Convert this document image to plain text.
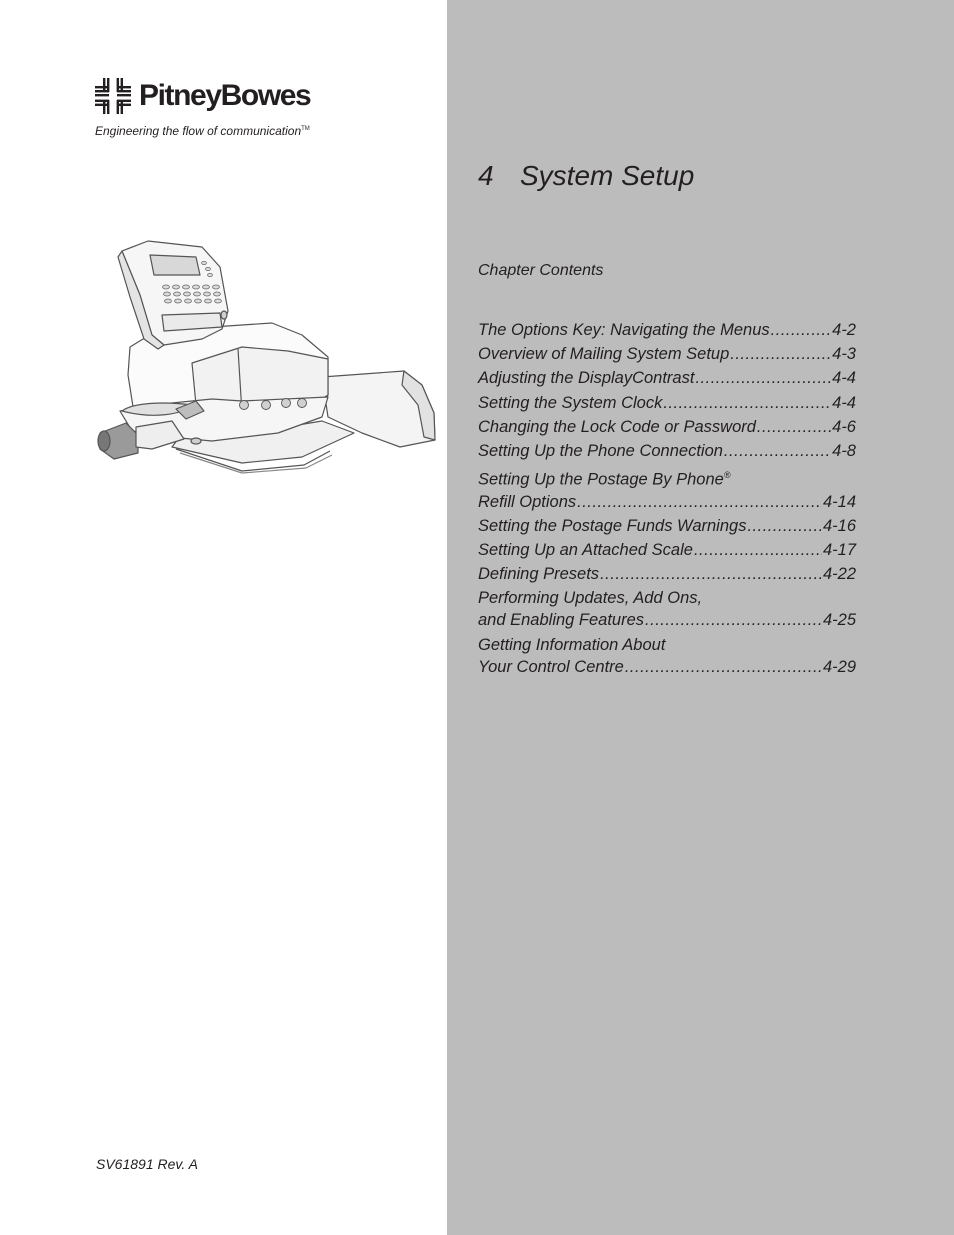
PitneyBowes
Engineering the flow of communication™
SV61891 Rev. A
4 System Setup
Chapter Contents
The Options Key: Navigating the Menus .....	4-2
Overview of Mailing System Setup .....	4-3
Adjusting the DisplayContrast .....	4-4
Setting the System Clock .....	4-4
Changing the Lock Code or Password .....	4-6
Setting Up the Phone Connection .....	4-8
Setting Up the Postage By Phone®
Refill Options .....	4-14
Setting the Postage Funds Warnings .....	4-16
Setting Up an Attached Scale .....	4-17
Defining Presets .....	4-22
Performing Updates, Add Ons,
and Enabling Features .....	4-25
Getting Information About
Your Control Centre .....	4-29
